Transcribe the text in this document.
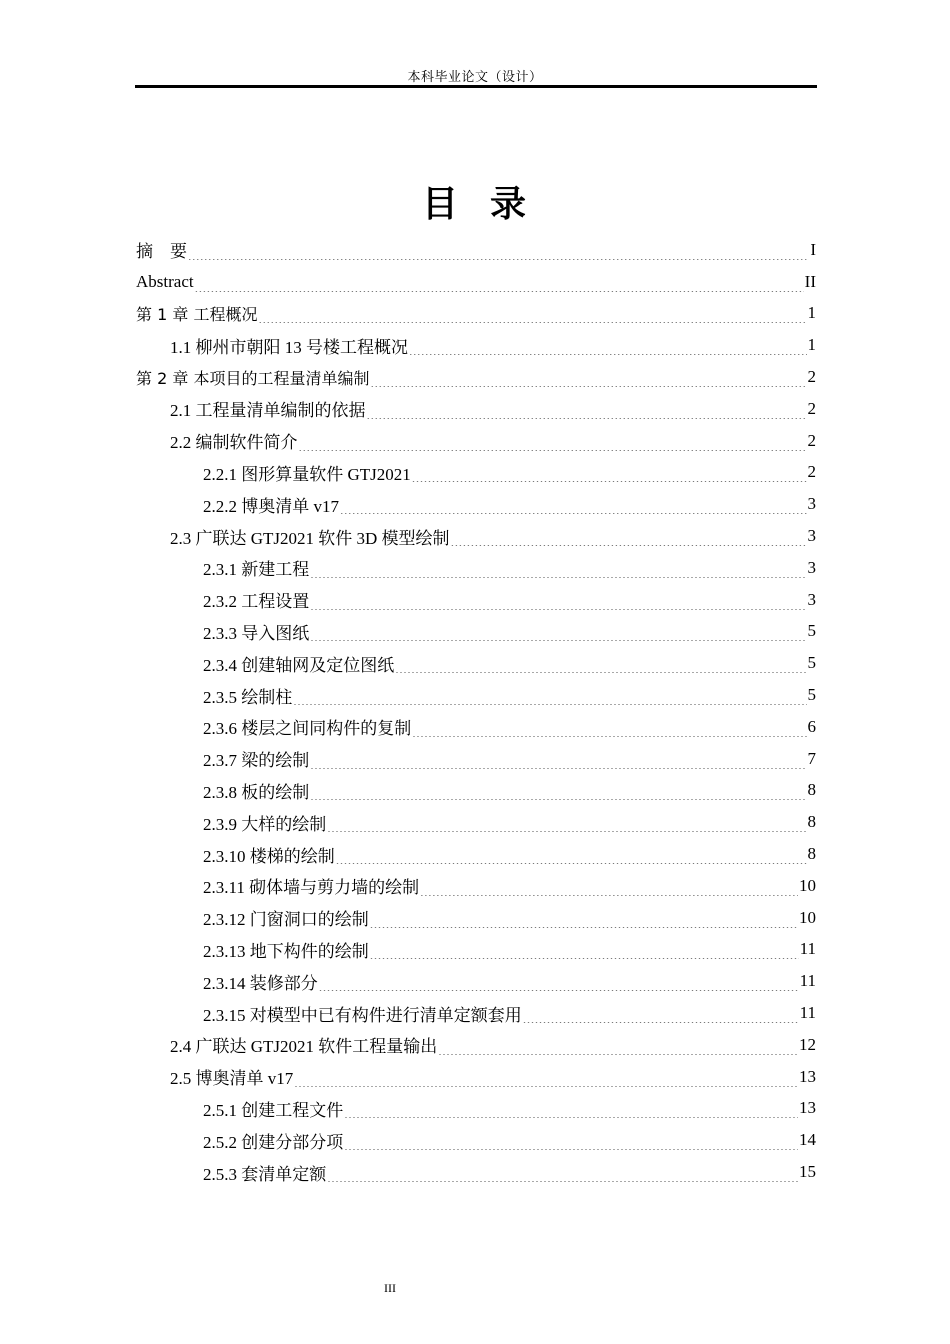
本科毕业论文（设计）
目 录
摘　要 .....	I
Abstract .....	II
第 1 章 工程概况 .....	1
1.1 柳州市朝阳 13 号楼工程概况 .....	1
第 2 章 本项目的工程量清单编制 .....	2
2.1 工程量清单编制的依据 .....	2
2.2 编制软件简介 .....	2
2.2.1 图形算量软件 GTJ2021 .....	2
2.2.2 博奥清单 v17 .....	3
2.3 广联达 GTJ2021 软件 3D 模型绘制 .....	3
2.3.1 新建工程 .....	3
2.3.2 工程设置 .....	3
2.3.3 导入图纸 .....	5
2.3.4 创建轴网及定位图纸 .....	5
2.3.5 绘制柱 .....	5
2.3.6 楼层之间同构件的复制 .....	6
2.3.7 梁的绘制 .....	7
2.3.8 板的绘制 .....	8
2.3.9 大样的绘制 .....	8
2.3.10 楼梯的绘制 .....	8
2.3.11 砌体墙与剪力墙的绘制 .....	10
2.3.12 门窗洞口的绘制 .....	10
2.3.13 地下构件的绘制 .....	11
2.3.14 装修部分 .....	11
2.3.15 对模型中已有构件进行清单定额套用 .....	11
2.4 广联达 GTJ2021 软件工程量输出 .....	12
2.5 博奥清单 v17 .....	13
2.5.1 创建工程文件 .....	13
2.5.2 创建分部分项 .....	14
2.5.3 套清单定额 .....	15
III
